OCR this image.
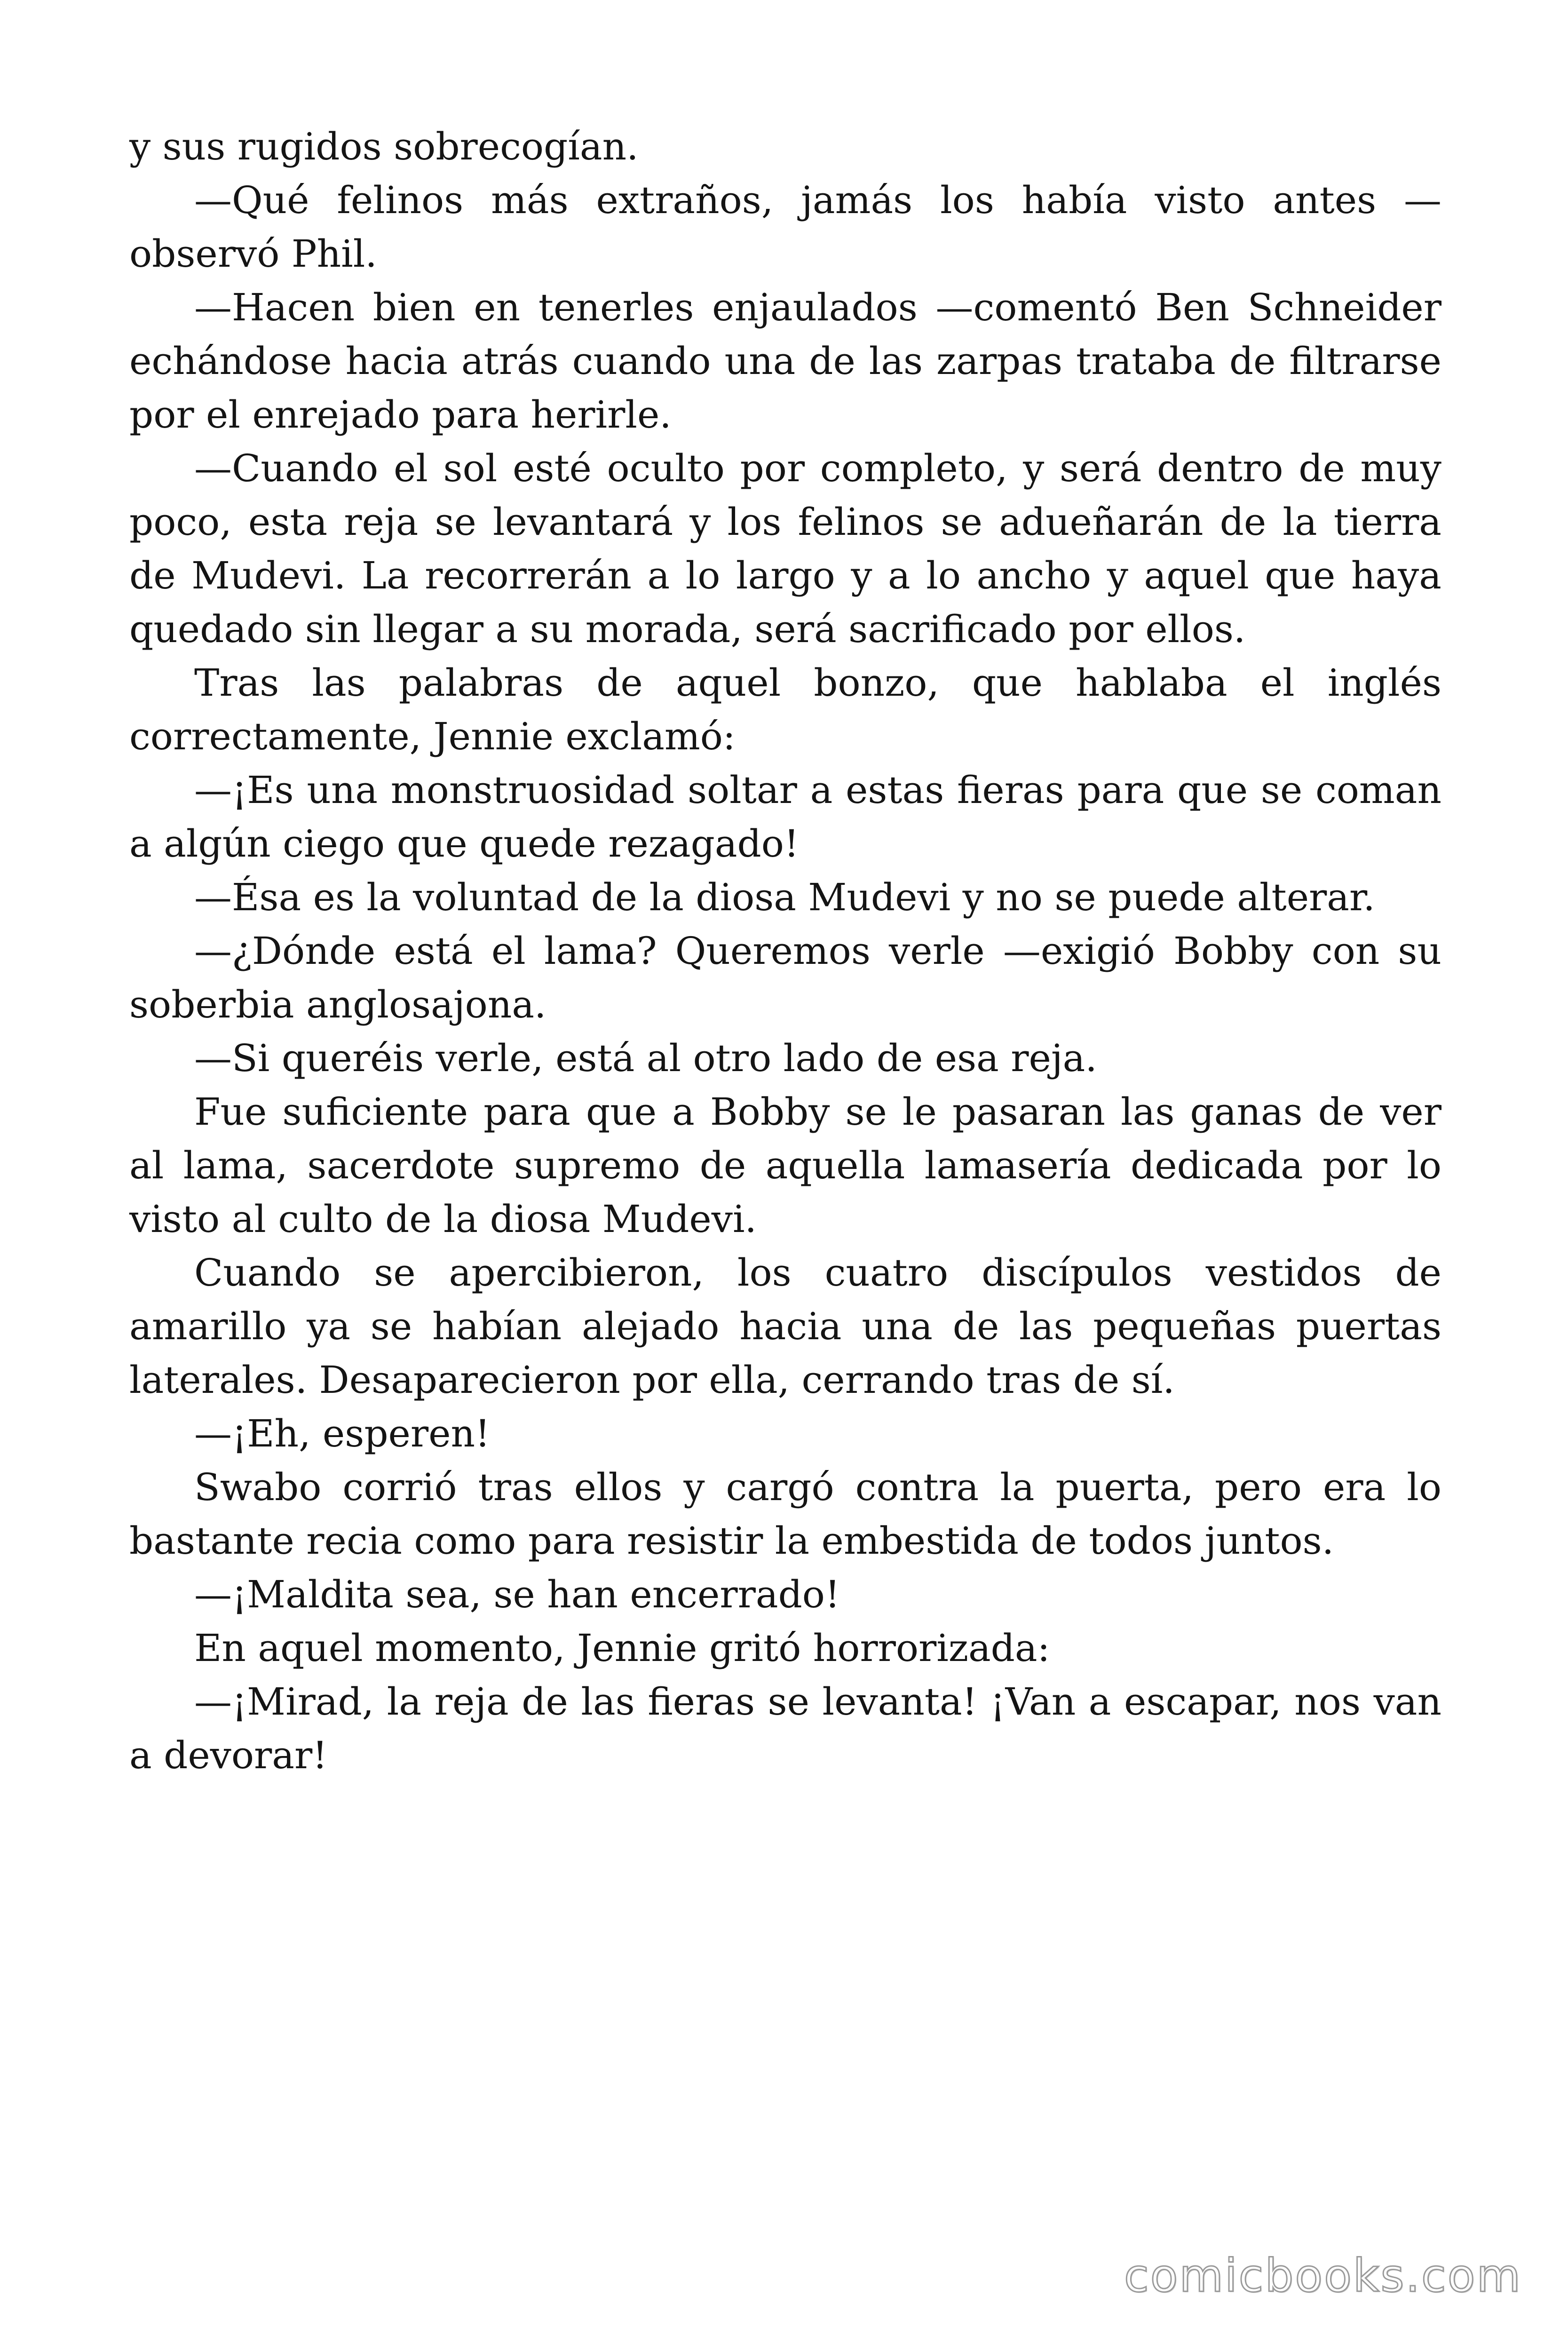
y sus rugidos sobrecogían.

—Qué felinos más extraños, jamás los había visto antes —observó Phil.

—Hacen bien en tenerles enjaulados —comentó Ben Schneider echándose hacia atrás cuando una de las zarpas trataba de filtrarse por el enrejado para herirle.

—Cuando el sol esté oculto por completo, y será dentro de muy poco, esta reja se levantará y los felinos se adueñarán de la tierra de Mudevi. La recorrerán a lo largo y a lo ancho y aquel que haya quedado sin llegar a su morada, será sacrificado por ellos.

Tras las palabras de aquel bonzo, que hablaba el inglés correctamente, Jennie exclamó:

—¡Es una monstruosidad soltar a estas fieras para que se coman a algún ciego que quede rezagado!

—Ésa es la voluntad de la diosa Mudevi y no se puede alterar.

—¿Dónde está el lama? Queremos verle —exigió Bobby con su soberbia anglosajona.

—Si queréis verle, está al otro lado de esa reja.

Fue suficiente para que a Bobby se le pasaran las ganas de ver al lama, sacerdote supremo de aquella lamasería dedicada por lo visto al culto de la diosa Mudevi.

Cuando se apercibieron, los cuatro discípulos vestidos de amarillo ya se habían alejado hacia una de las pequeñas puertas laterales. Desaparecieron por ella, cerrando tras de sí.

—¡Eh, esperen!

Swabo corrió tras ellos y cargó contra la puerta, pero era lo bastante recia como para resistir la embestida de todos juntos.

—¡Maldita sea, se han encerrado!

En aquel momento, Jennie gritó horrorizada:

—¡Mirad, la reja de las fieras se levanta! ¡Van a escapar, nos van a devorar!

comicbooks.com
